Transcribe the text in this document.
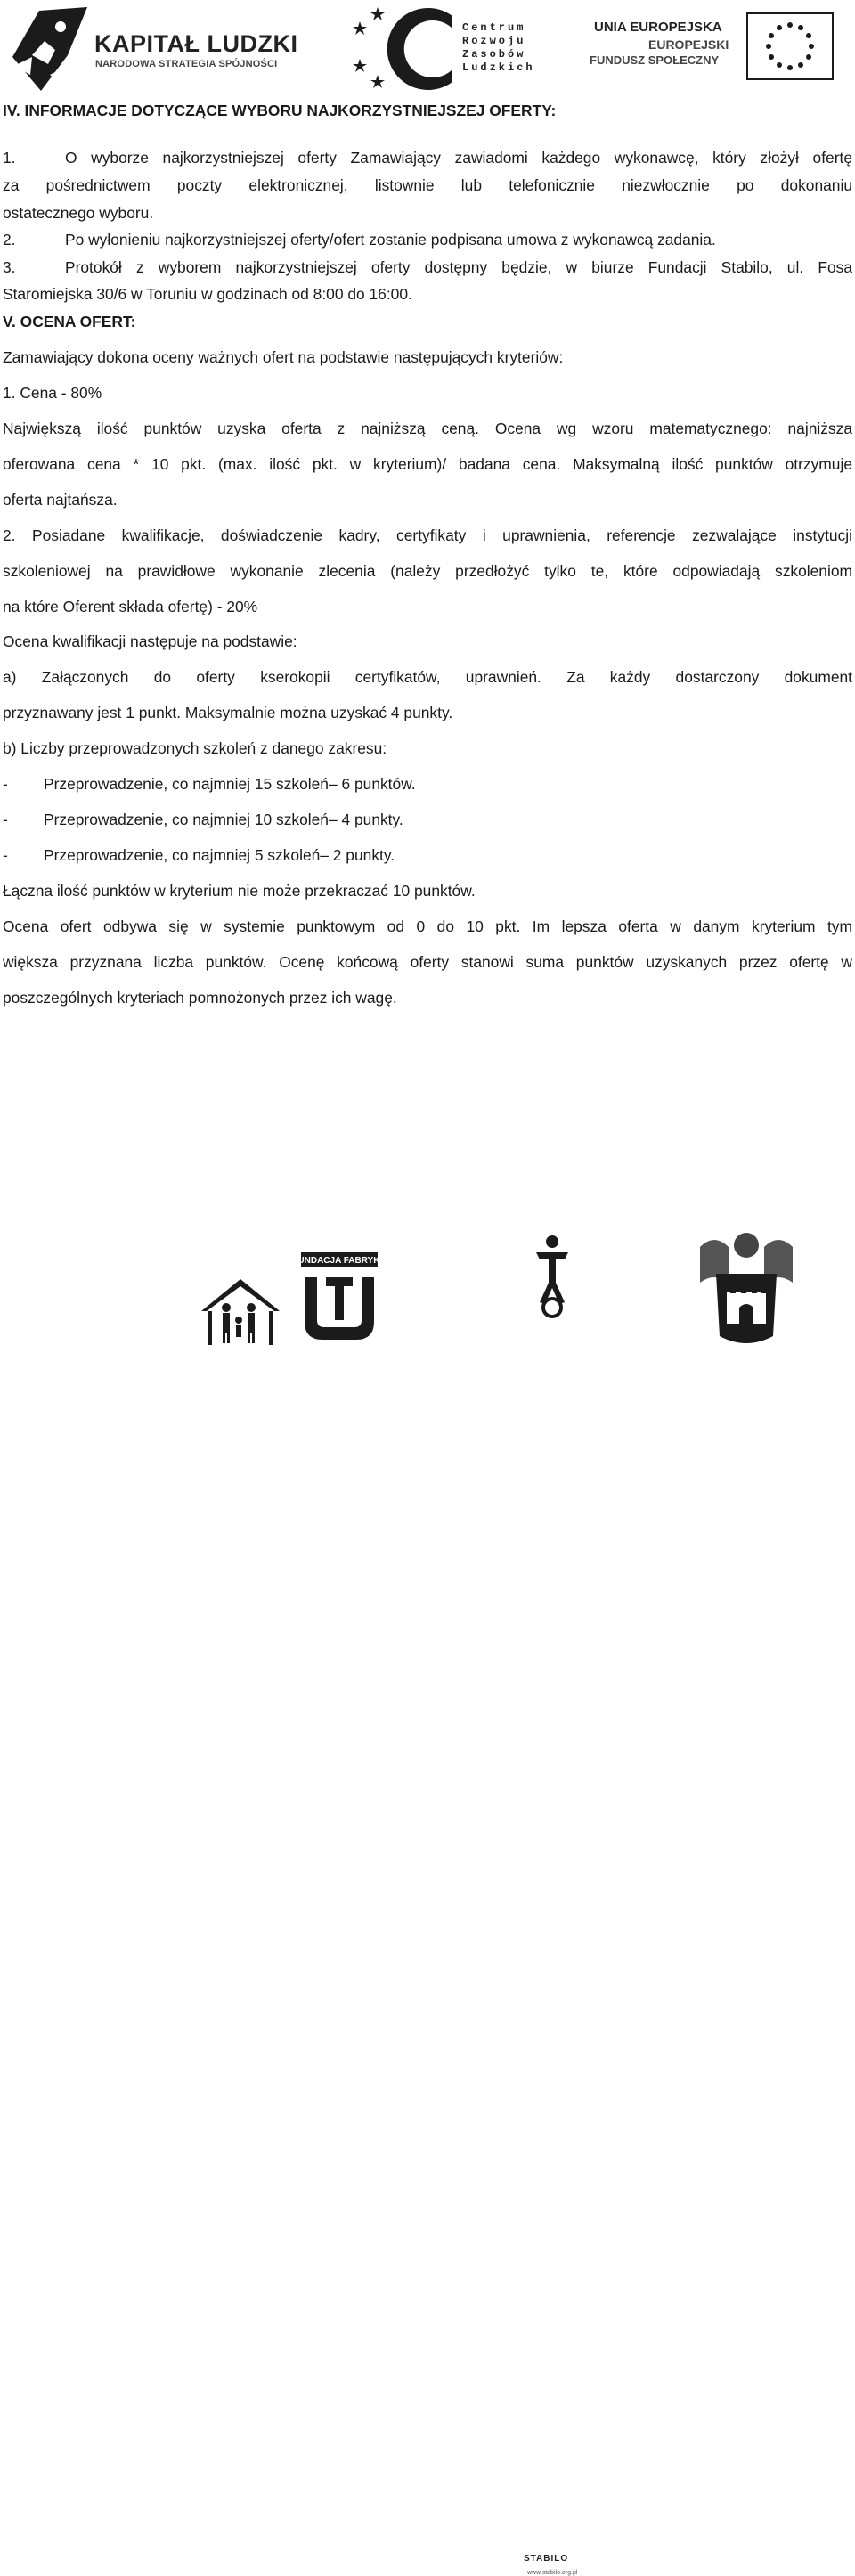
KAPITAŁ LUDZKI
NARODOWA STRATEGIA SPÓJNOŚCI
Centrum
Rozwoju
Zasobów
Ludzkich
UNIA EUROPEJSKA
EUROPEJSKI
FUNDUSZ SPOŁECZNY
IV. INFORMACJE DOTYCZĄCE WYBORU NAJKORZYSTNIEJSZEJ OFERTY:
1.	O wyborze najkorzystniejszej oferty Zamawiający zawiadomi każdego wykonawcę, który złożył ofertę
za pośrednictwem poczty elektronicznej, listownie lub telefonicznie niezwłocznie po dokonaniu
ostatecznego wyboru.
2.	Po wyłonieniu najkorzystniejszej oferty/ofert zostanie podpisana umowa z wykonawcą zadania.
3.	Protokół z wyborem najkorzystniejszej oferty dostępny będzie, w biurze Fundacji Stabilo, ul. Fosa
Staromiejska 30/6 w Toruniu w godzinach od 8:00 do 16:00.
V. OCENA OFERT:
Zamawiający dokona oceny ważnych ofert na podstawie następujących kryteriów:
1. Cena - 80%
Największą ilość punktów uzyska oferta z najniższą ceną. Ocena wg wzoru matematycznego: najniższa
oferowana cena * 10 pkt. (max. ilość pkt. w kryterium)/ badana cena. Maksymalną ilość punktów otrzymuje
oferta najtańsza.
2. Posiadane kwalifikacje, doświadczenie kadry, certyfikaty i uprawnienia, referencje zezwalające instytucji
szkoleniowej na prawidłowe wykonanie zlecenia (należy przedłożyć tylko te, które odpowiadają szkoleniom
na które Oferent składa ofertę) - 20%
Ocena kwalifikacji następuje na podstawie:
a) Załączonych do oferty kserokopii certyfikatów, uprawnień. Za każdy dostarczony dokument
przyznawany jest 1 punkt. Maksymalnie można uzyskać 4 punkty.
b) Liczby przeprowadzonych szkoleń z danego zakresu:
- Przeprowadzenie, co najmniej 15 szkoleń– 6 punktów.
- Przeprowadzenie, co najmniej 10 szkoleń– 4 punkty.
- Przeprowadzenie, co najmniej 5 szkoleń– 2 punkty.
Łączna ilość punktów w kryterium nie może przekraczać 10 punktów.
Ocena ofert odbywa się w systemie punktowym od 0 do 10 pkt. Im lepsza oferta w danym kryterium tym
większa przyznana liczba punktów. Ocenę końcową oferty stanowi suma punktów uzyskanych przez ofertę w
poszczególnych kryteriach pomnożonych przez ich wagę.
FUNDACJA FABRYKA
STABILO
www.stabilo.org.pl
